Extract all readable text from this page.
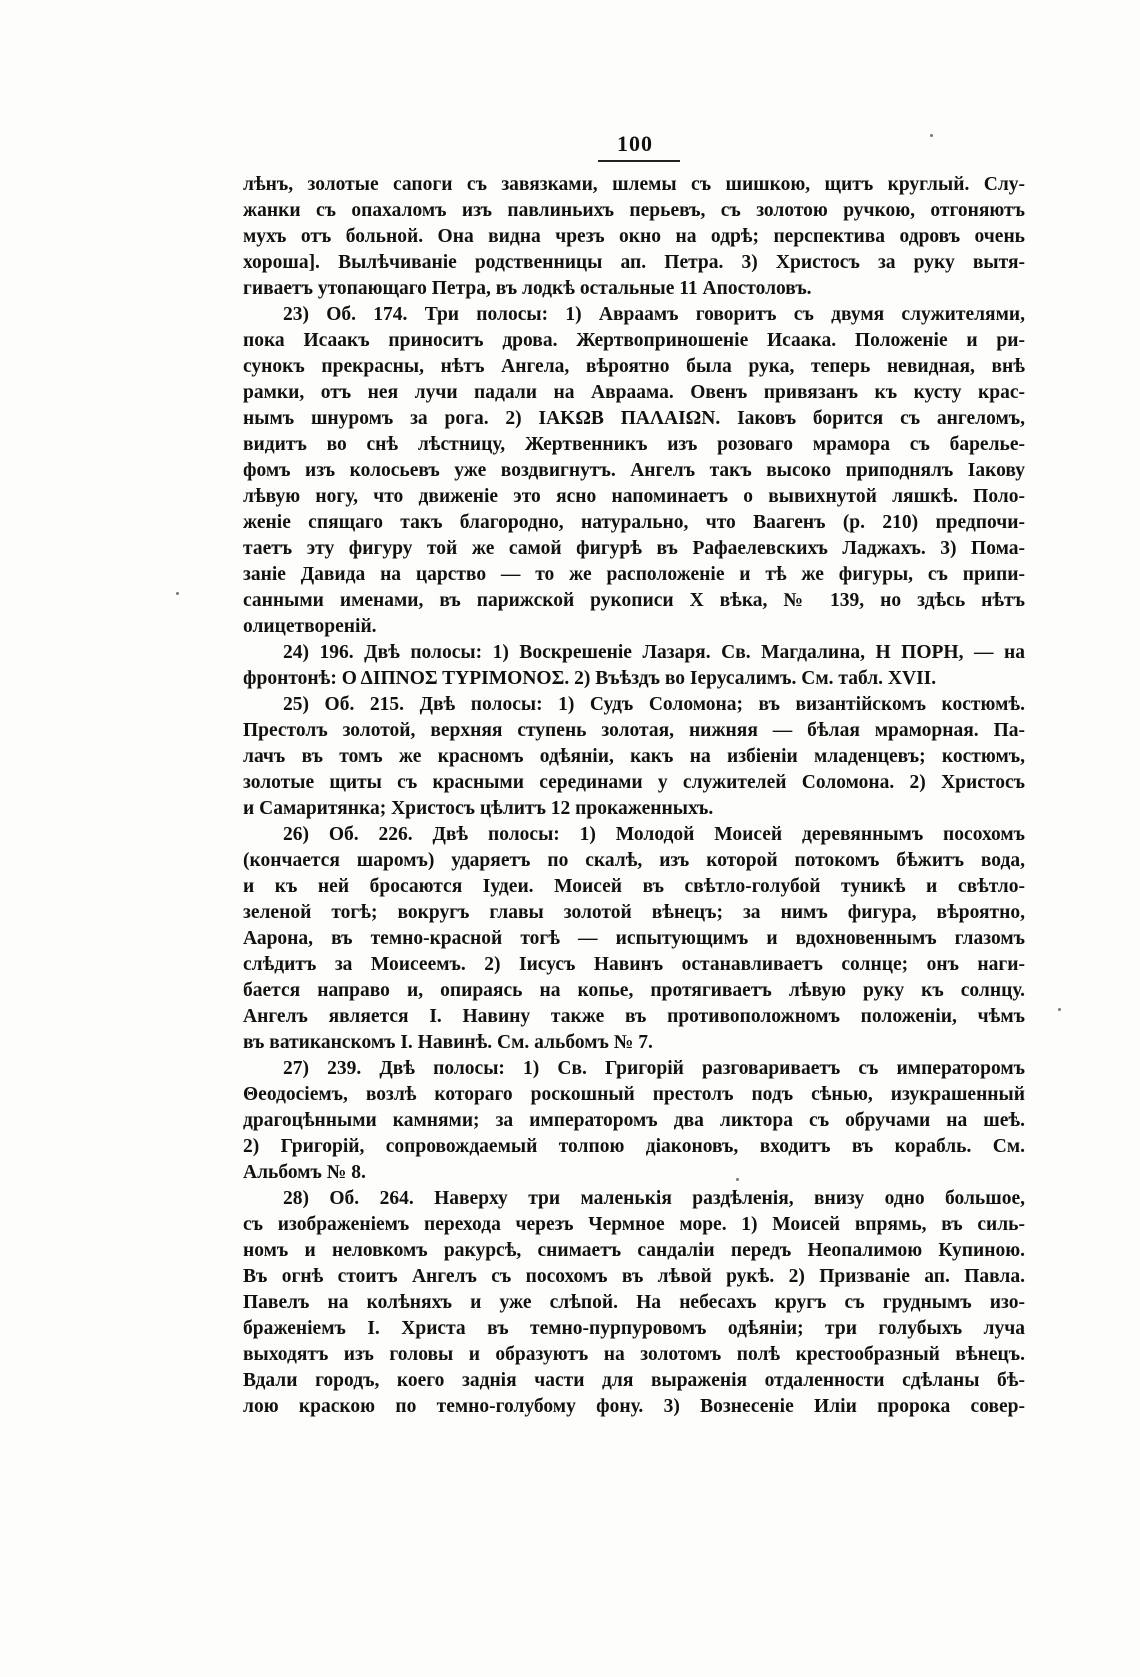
100
лѣнъ, золотые сапоги съ завязками, шлемы съ шишкою, щитъ круглый. Слу-
жанки съ опахаломъ изъ павлиньихъ перьевъ, съ золотою ручкою, отгоняютъ
мухъ отъ больной. Она видна чрезъ окно на одрѣ; перспектива одровъ очень
хороша]. Вылѣчиваніе родственницы ап. Петра. 3) Христосъ за руку вытя-
гиваетъ утопающаго Петра, въ лодкѣ остальные 11 Апостоловъ.
23) Об. 174. Три полосы: 1) Авраамъ говоритъ съ двумя служителями,
пока Исаакъ приноситъ дрова. Жертвоприношеніе Исаака. Положеніе и ри-
сунокъ прекрасны, нѣтъ Ангела, вѣроятно была рука, теперь невидная, внѣ
рамки, отъ нея лучи падали на Авраама. Овенъ привязанъ къ кусту крас-
нымъ шнуромъ за рога. 2) ΙΑΚΩΒ ΠΑΛΑΙΩΝ. Іаковъ борится съ ангеломъ,
видитъ во снѣ лѣстницу, Жертвенникъ изъ розоваго мрамора съ барелье-
фомъ изъ колосьевъ уже воздвигнутъ. Ангелъ такъ высоко приподнялъ Іакову
лѣвую ногу, что движеніе это ясно напоминаетъ о вывихнутой ляшкѣ. Поло-
женіе спящаго такъ благородно, натурально, что Ваагенъ (р. 210) предпочи-
таетъ эту фигуру той же самой фигурѣ въ Рафаелевскихъ Ладжахъ. 3) Пома-
заніе Давида на царство — то же расположеніе и тѣ же фигуры, съ припи-
санными именами, въ парижской рукописи X вѣка, № 139, но здѣсь нѣтъ
олицетвореній.
24) 196. Двѣ полосы: 1) Воскрешеніе Лазаря. Св. Магдалина, Η ΠΟΡΗ, — на
фронтонѣ: Ο ΔΙΠΝΟΣ ΤΥΡΙΜΟΝΟΣ. 2) Въѣздъ во Іерусалимъ. См. табл. XVII.
25) Об. 215. Двѣ полосы: 1) Судъ Соломона; въ византійскомъ костюмѣ.
Престолъ золотой, верхняя ступень золотая, нижняя — бѣлая мраморная. Па-
лачъ въ томъ же красномъ одѣяніи, какъ на избіеніи младенцевъ; костюмъ,
золотые щиты съ красными серединами у служителей Соломона. 2) Христосъ
и Самаритянка; Христосъ цѣлитъ 12 прокаженныхъ.
26) Об. 226. Двѣ полосы: 1) Молодой Моисей деревяннымъ посохомъ
(кончается шаромъ) ударяетъ по скалѣ, изъ которой потокомъ бѣжитъ вода,
и къ ней бросаются Іудеи. Моисей въ свѣтло-голубой туникѣ и свѣтло-
зеленой тогѣ; вокругъ главы золотой вѣнецъ; за нимъ фигура, вѣроятно,
Аарона, въ темно-красной тогѣ — испытующимъ и вдохновеннымъ глазомъ
слѣдитъ за Моисеемъ. 2) Іисусъ Навинъ останавливаетъ солнце; онъ наги-
бается направо и, опираясь на копье, протягиваетъ лѣвую руку къ солнцу.
Ангелъ является І. Навину также въ противоположномъ положеніи, чѣмъ
въ ватиканскомъ І. Навинѣ. См. альбомъ № 7.
27) 239. Двѣ полосы: 1) Св. Григорій разговариваетъ съ императоромъ
Θеодосіемъ, возлѣ котораго роскошный престолъ подъ сѣнью, изукрашенный
драгоцѣнными камнями; за императоромъ два ликтора съ обручами на шеѣ.
2) Григорій, сопровождаемый толпою діаконовъ, входитъ въ корабль. См.
Альбомъ № 8.
28) Об. 264. Наверху три маленькія раздѣленія, внизу одно большое,
съ изображеніемъ перехода черезъ Чермное море. 1) Моисей впрямь, въ силь-
номъ и неловкомъ ракурсѣ, снимаетъ сандаліи передъ Неопалимою Купиною.
Въ огнѣ стоитъ Ангелъ съ посохомъ въ лѣвой рукѣ. 2) Призваніе ап. Павла.
Павелъ на колѣняхъ и уже слѣпой. На небесахъ кругъ съ груднымъ изо-
браженіемъ І. Христа въ темно-пурпуровомъ одѣяніи; три голубыхъ луча
выходятъ изъ головы и образуютъ на золотомъ полѣ крестообразный вѣнецъ.
Вдали городъ, коего заднія части для выраженія отдаленности сдѣланы бѣ-
лою краскою по темно-голубому фону. 3) Вознесеніе Иліи пророка совер-
